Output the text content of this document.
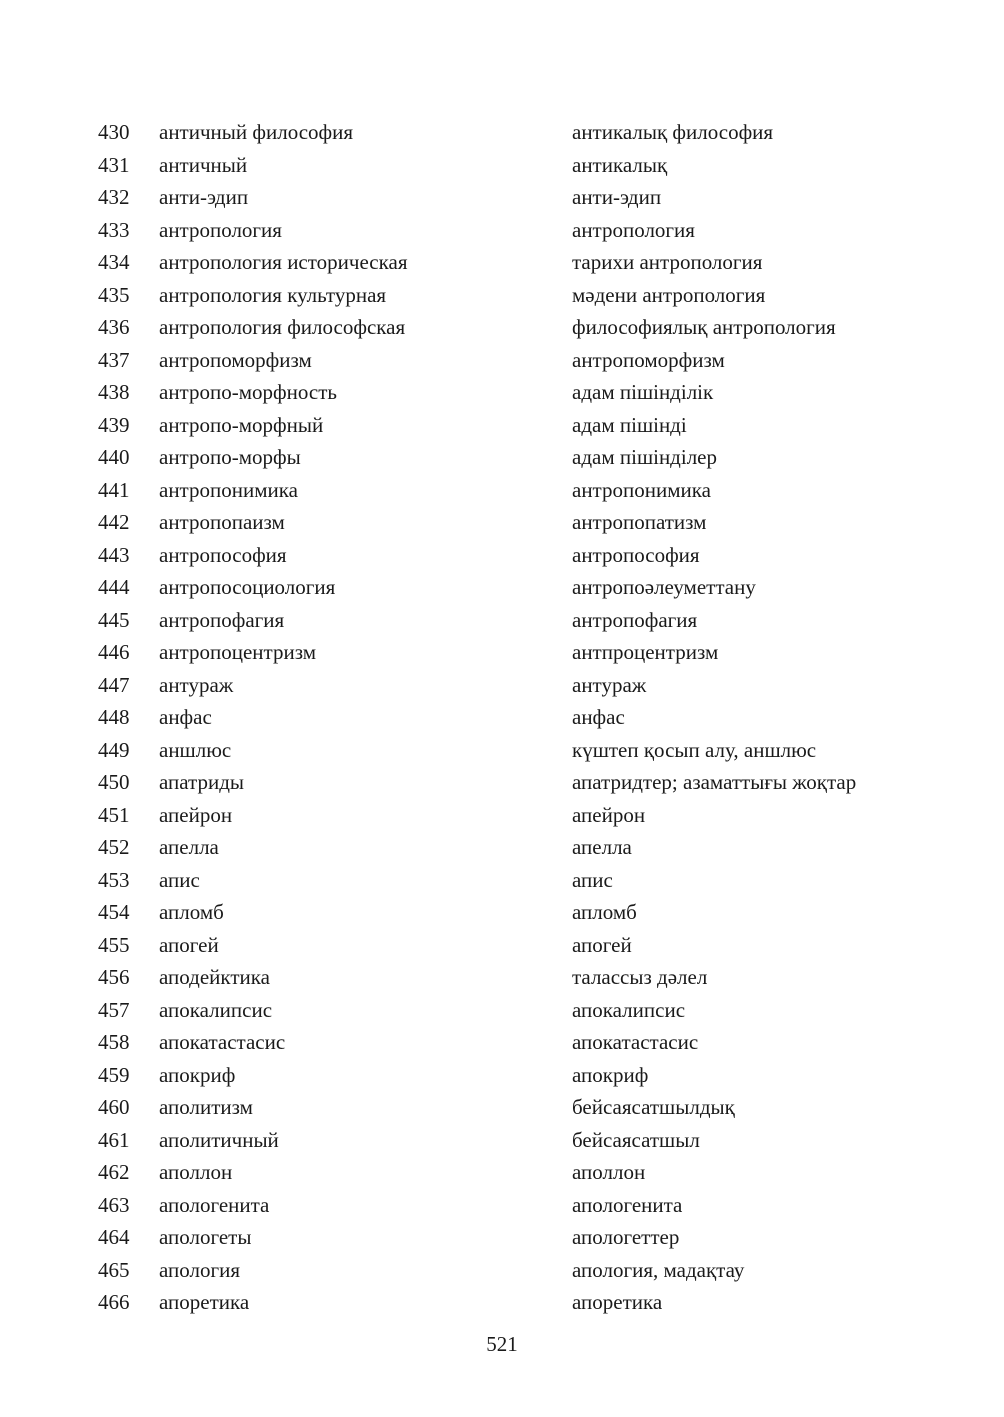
430	античный философия	антикалық философия
431	античный	антикалық
432	анти-эдип	анти-эдип
433	антропология	антропология
434	антропология историческая	тарихи антропология
435	антропология культурная	мәдени антропология
436	антропология философская	философиялық антропология
437	антропоморфизм	антропоморфизм
438	антропо-морфность	адам пішінділік
439	антропо-морфный	адам пішінді
440	антропо-морфы	адам пішінділер
441	антропонимика	антропонимика
442	антропопаизм	антропопатизм
443	антропософия	антропософия
444	антропосоциология	антропоәлеуметтану
445	антропофагия	антропофагия
446	антропоцентризм	антпроцентризм
447	антураж	антураж
448	анфас	анфас
449	аншлюс	күштеп қосып алу, аншлюс
450	апатриды	апатридтер; азаматтығы жоқтар
451	апейрон	апейрон
452	апелла	апелла
453	апис	апис
454	апломб	апломб
455	апогей	апогей
456	аподейктика	талассыз дәлел
457	апокалипсис	апокалипсис
458	апокатастасис	апокатастасис
459	апокриф	апокриф
460	аполитизм	бейсаясатшылдық
461	аполитичный	бейсаясатшыл
462	аполлон	аполлон
463	апологенита	апологенита
464	апологеты	апологеттер
465	апология	апология, мадақтау
466	апоретика	апоретика
521
